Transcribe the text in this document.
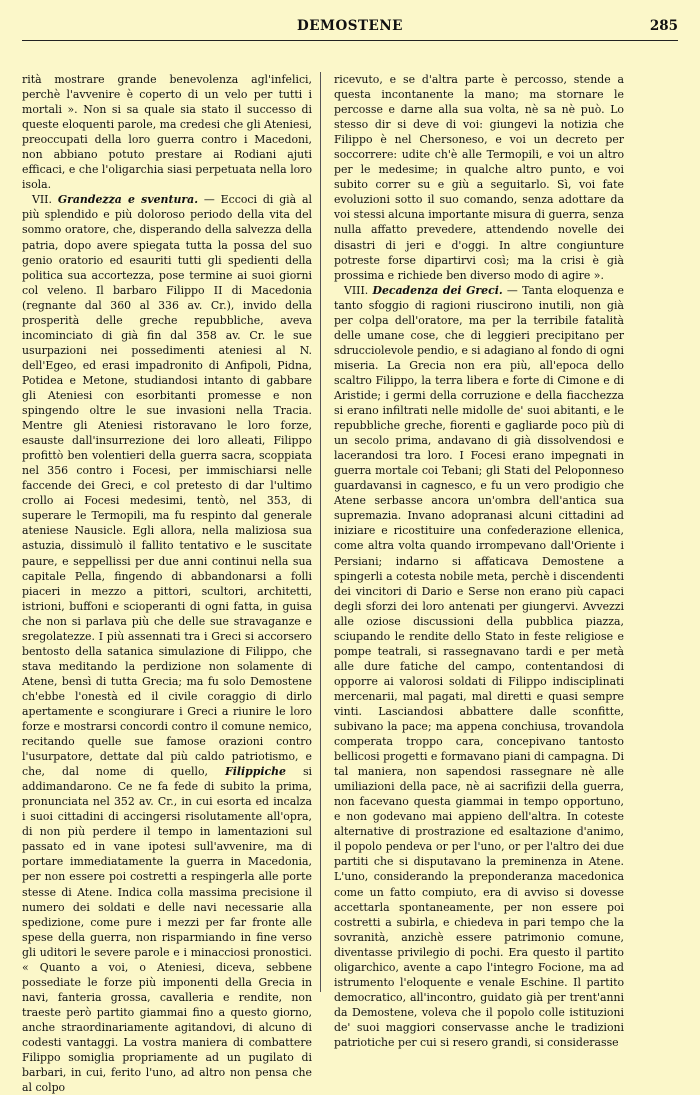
DEMOSTENE	285

rità mostrare grande benevolenza agl'infelici, perchè l'avvenire è coperto di un velo per tutti i mortali ». Non si sa quale sia stato il successo di queste eloquenti parole, ma credesi che gli Ateniesi, preoccupati della loro guerra contro i Macedoni, non abbiano potuto prestare ai Rodiani ajuti efficaci, e che l'oligarchia siasi perpetuata nella loro isola.

VII. Grandezza e sventura. — Eccoci di già al più splendido e più doloroso periodo della vita del sommo oratore, che, disperando della salvezza della patria, dopo avere spiegata tutta la possa del suo genio oratorio ed esauriti tutti gli spedienti della politica sua accortezza, pose termine ai suoi giorni col veleno. Il barbaro Filippo II di Macedonia (regnante dal 360 al 336 av. Cr.), invido della prosperità delle greche repubbliche, aveva incominciato di già fin dal 358 av. Cr. le sue usurpazioni nei possedimenti ateniesi al N. dell'Egeo, ed erasi impadronito di Anfipoli, Pidna, Potidea e Metone, studiandosi intanto di gabbare gli Ateniesi con esorbitanti promesse e non spingendo oltre le sue invasioni nella Tracia. Mentre gli Ateniesi ristoravano le loro forze, esauste dall'insurrezione dei loro alleati, Filippo profittò ben volentieri della guerra sacra, scoppiata nel 356 contro i Focesi, per immischiarsi nelle faccende dei Greci, e col pretesto di dar l'ultimo crollo ai Focesi medesimi, tentò, nel 353, di superare le Termopili, ma fu respinto dal generale ateniese Nausicle. Egli allora, nella maliziosa sua astuzia, dissimulò il fallito tentativo e le suscitate paure, e seppellissi per due anni continui nella sua capitale Pella, fingendo di abbandonarsi a folli piaceri in mezzo a pittori, scultori, architetti, istrioni, buffoni e scioperanti di ogni fatta, in guisa che non si parlava più che delle sue stravaganze e sregolatezze. I più assennati tra i Greci si accorsero bentosto della satanica simulazione di Filippo, che stava meditando la perdizione non solamente di Atene, bensì di tutta Grecia; ma fu solo Demostene ch'ebbe l'onestà ed il civile coraggio di dirlo apertamente e scongiurare i Greci a riunire le loro forze e mostrarsi concordi contro il comune nemico, recitando quelle sue famose orazioni contro l'usurpatore, dettate dal più caldo patriotismo, e che, dal nome di quello, Filippiche si addimandarono. Ce ne fa fede di subito la prima, pronunciata nel 352 av. Cr., in cui esorta ed incalza i suoi cittadini di accingersi risolutamente all'opra, di non più perdere il tempo in lamentazioni sul passato ed in vane ipotesi sull'avvenire, ma di portare immediatamente la guerra in Macedonia, per non essere poi costretti a respingerla alle porte stesse di Atene. Indica colla massima precisione il numero dei soldati e delle navi necessarie alla spedizione, come pure i mezzi per far fronte alle spese della guerra, non risparmiando in fine verso gli uditori le severe parole e i minacciosi pronostici. « Quanto a voi, o Ateniesi, diceva, sebbene possediate le forze più imponenti della Grecia in navi, fanteria grossa, cavalleria e rendite, non traeste però partito giammai fino a questo giorno, anche straordinariamente agitandovi, di alcuno di codesti vantaggi. La vostra maniera di combattere Filippo somiglia propriamente ad un pugilato di barbari, in cui, ferito l'uno, ad altro non pensa che al colpo

ricevuto, e se d'altra parte è percosso, stende a questa incontanente la mano; ma stornare le percosse e darne alla sua volta, nè sa nè può. Lo stesso dir si deve di voi: giungevi la notizia che Filippo è nel Chersoneso, e voi un decreto per soccorrere: udite ch'è alle Termopili, e voi un altro per le medesime; in qualche altro punto, e voi subito correr su e giù a seguitarlo. Sì, voi fate evoluzioni sotto il suo comando, senza adottare da voi stessi alcuna importante misura di guerra, senza nulla affatto prevedere, attendendo novelle dei disastri di jeri e d'oggi. In altre congiunture potreste forse dipartirvi così; ma la crisi è già prossima e richiede ben diverso modo di agire ».

VIII. Decadenza dei Greci. — Tanta eloquenza e tanto sfoggio di ragioni riuscirono inutili, non già per colpa dell'oratore, ma per la terribile fatalità delle umane cose, che di leggieri precipitano per sdrucciolevole pendio, e si adagiano al fondo di ogni miseria. La Grecia non era più, all'epoca dello scaltro Filippo, la terra libera e forte di Cimone e di Aristide; i germi della corruzione e della fiacchezza si erano infiltrati nelle midolle de' suoi abitanti, e le repubbliche greche, fiorenti e gagliarde poco più di un secolo prima, andavano di già dissolvendosi e lacerandosi tra loro. I Focesi erano impegnati in guerra mortale coi Tebani; gli Stati del Peloponneso guardavansi in cagnesco, e fu un vero prodigio che Atene serbasse ancora un'ombra dell'antica sua supremazia. Invano adopranasi alcuni cittadini ad iniziare e ricostituire una confederazione ellenica, come altra volta quando irrompevano dall'Oriente i Persiani; indarno si affaticava Demostene a spingerli a cotesta nobile meta, perchè i discendenti dei vincitori di Dario e Serse non erano più capaci degli sforzi dei loro antenati per giungervi. Avvezzi alle oziose discussioni della pubblica piazza, sciupando le rendite dello Stato in feste religiose e pompe teatrali, si rassegnavano tardi e per metà alle dure fatiche del campo, contentandosi di opporre ai valorosi soldati di Filippo indisciplinati mercenarii, mal pagati, mal diretti e quasi sempre vinti. Lasciandosi abbattere dalle sconfitte, subivano la pace; ma appena conchiusa, trovandola comperata troppo cara, concepivano tantosto bellicosi progetti e formavano piani di campagna. Di tal maniera, non sapendosi rassegnare nè alle umiliazioni della pace, nè ai sacrifizii della guerra, non facevano questa giammai in tempo opportuno, e non godevano mai appieno dell'altra. In coteste alternative di prostrazione ed esaltazione d'animo, il popolo pendeva or per l'uno, or per l'altro dei due partiti che si disputavano la preminenza in Atene. L'uno, considerando la preponderanza macedonica come un fatto compiuto, era di avviso si dovesse accettarla spontaneamente, per non essere poi costretti a subirla, e chiedeva in pari tempo che la sovranità, anzichè essere patrimonio comune, diventasse privilegio di pochi. Era questo il partito oligarchico, avente a capo l'integro Focione, ma ad istrumento l'eloquente e venale Eschine. Il partito democratico, all'incontro, guidato già per trent'anni da Demostene, voleva che il popolo colle istituzioni de' suoi maggiori conservasse anche le tradizioni patriotiche per cui si resero grandi, si considerasse
